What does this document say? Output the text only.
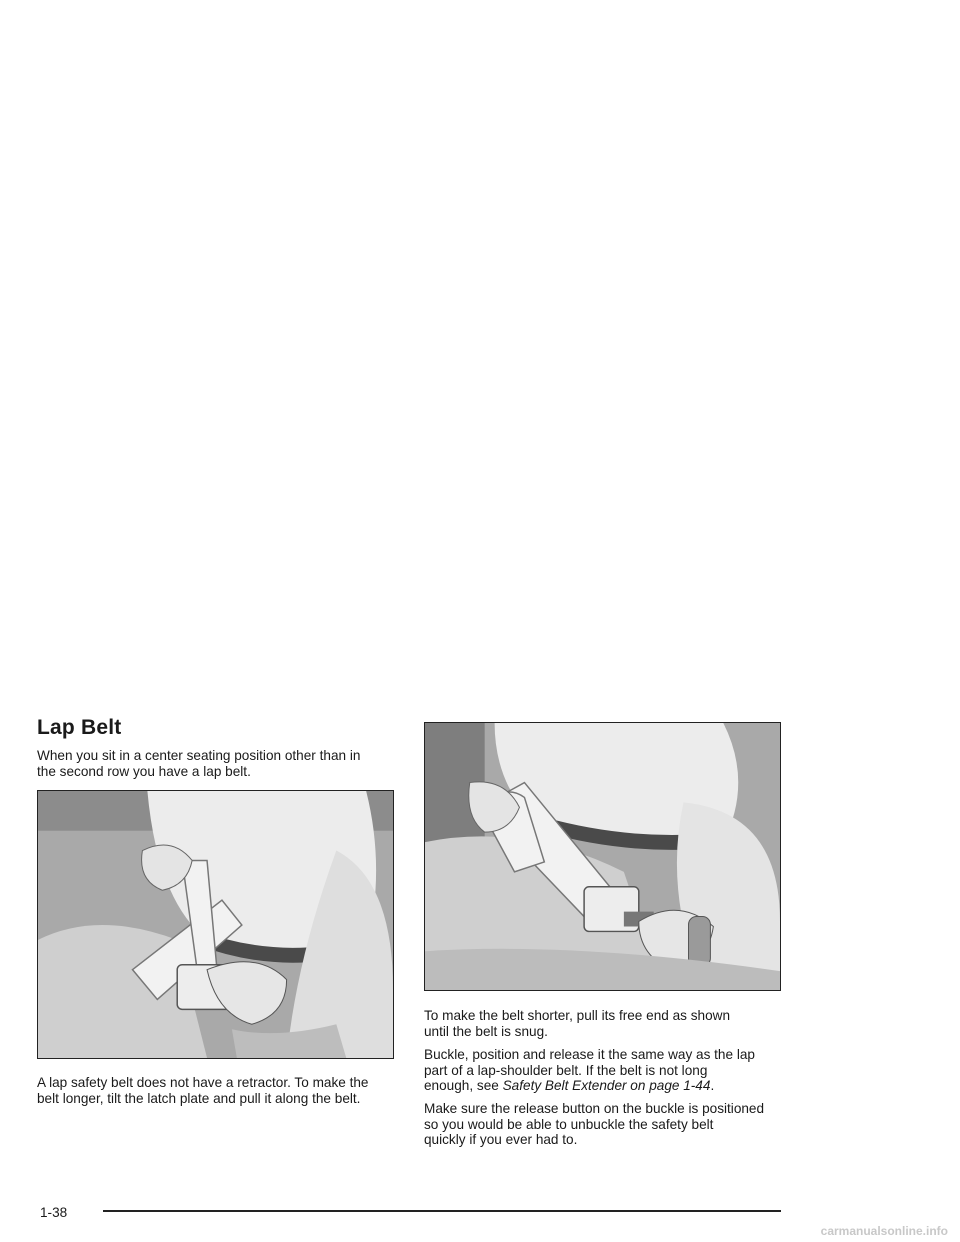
Lap Belt

When you sit in a center seating position other than in
the second row you have a lap belt.

A lap safety belt does not have a retractor. To make the
belt longer, tilt the latch plate and pull it along the belt.

To make the belt shorter, pull its free end as shown
until the belt is snug.

Buckle, position and release it the same way as the lap
part of a lap-shoulder belt. If the belt is not long
enough, see Safety Belt Extender on page 1-44.

Make sure the release button on the buckle is positioned
so you would be able to unbuckle the safety belt
quickly if you ever had to.

1-38
carmanualsonline.info
